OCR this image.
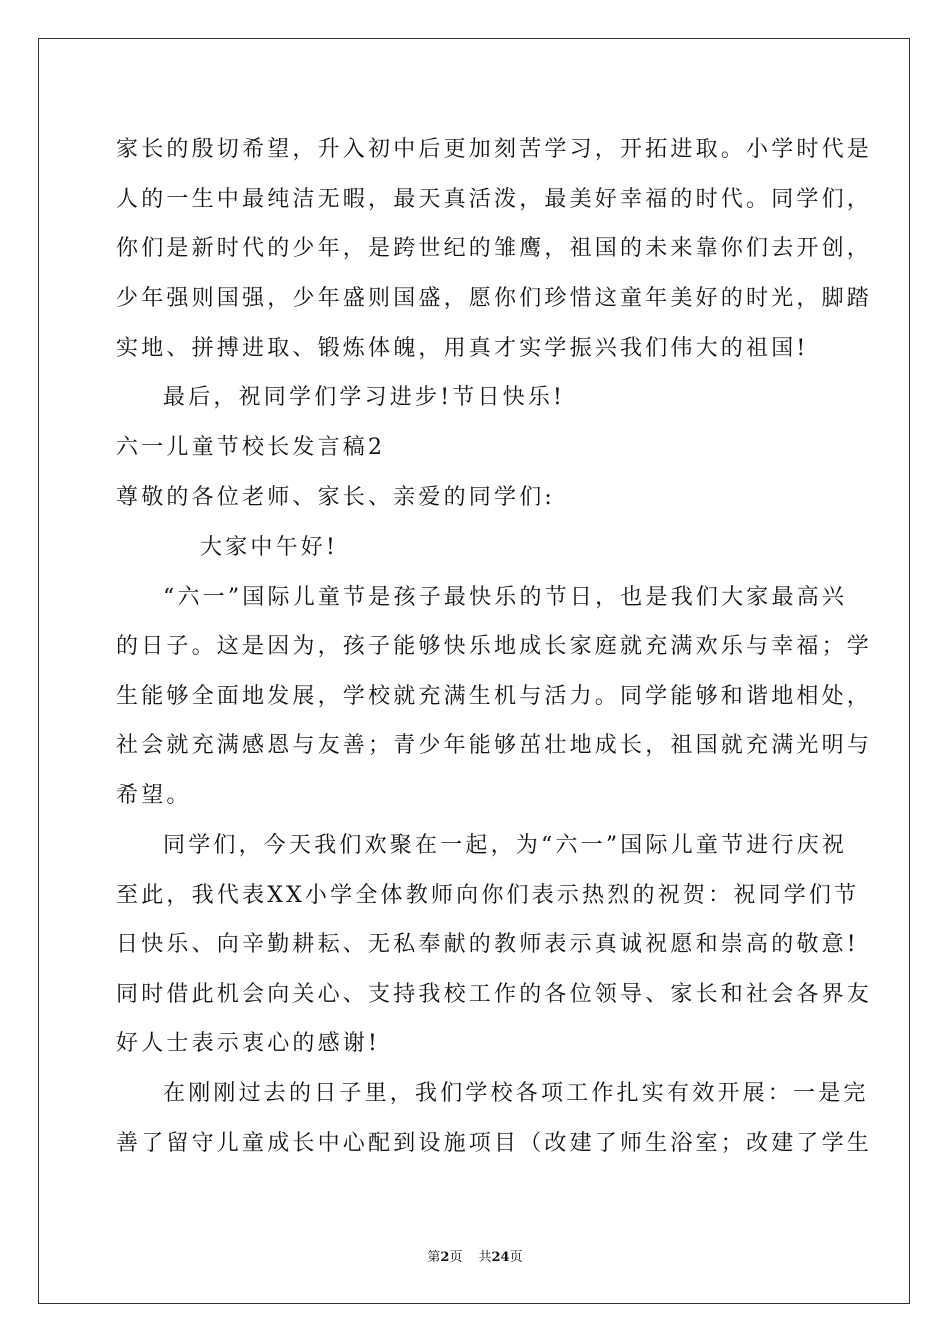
家长的殷切希望，升入初中后更加刻苦学习，开拓进取。小学时代是
人的一生中最纯洁无暇，最天真活泼，最美好幸福的时代。同学们，
你们是新时代的少年，是跨世纪的雏鹰，祖国的未来靠你们去开创，
少年强则国强，少年盛则国盛，愿你们珍惜这童年美好的时光，脚踏
实地、拼搏进取、锻炼体魄，用真才实学振兴我们伟大的祖国!
最后，祝同学们学习进步!节日快乐!
六一儿童节校长发言稿2
尊敬的各位老师、家长、亲爱的同学们:
大家中午好!
“六一”国际儿童节是孩子最快乐的节日，也是我们大家最高兴
的日子。这是因为，孩子能够快乐地成长家庭就充满欢乐与幸福；学
生能够全面地发展，学校就充满生机与活力。同学能够和谐地相处，
社会就充满感恩与友善；青少年能够茁壮地成长，祖国就充满光明与
希望。
同学们，今天我们欢聚在一起，为“六一”国际儿童节进行庆祝
至此，我代表XX小学全体教师向你们表示热烈的祝贺：祝同学们节
日快乐、向辛勤耕耘、无私奉献的教师表示真诚祝愿和崇高的敬意!
同时借此机会向关心、支持我校工作的各位领导、家长和社会各界友
好人士表示衷心的感谢!
在刚刚过去的日子里，我们学校各项工作扎实有效开展：一是完
善了留守儿童成长中心配到设施项目（改建了师生浴室；改建了学生
第2页 共24页
